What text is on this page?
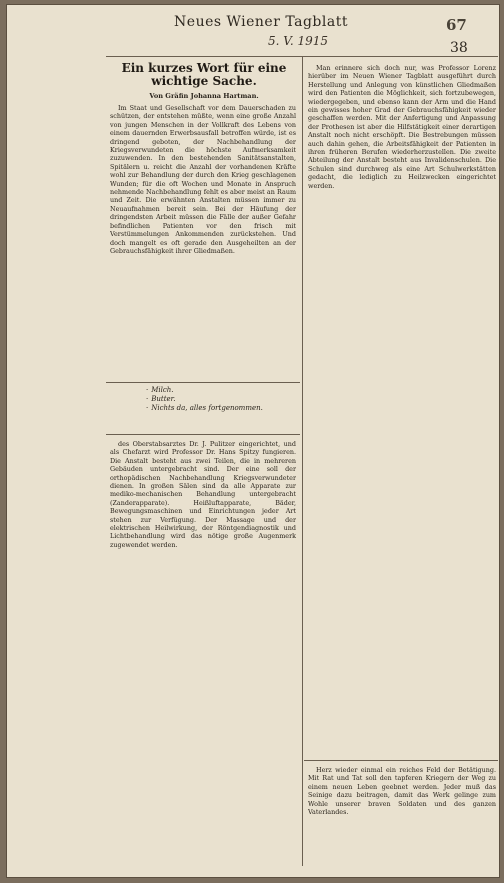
Neues Wiener Tagblatt
5. V. 1915
67
38
Ein kurzes Wort für eine wichtige Sache.
Von Gräfin Johanna Hartman.

Im Staat und Gesellschaft vor dem Dauerschaden zu schützen, der entstehen müßte, wenn eine große Anzahl von jungen Menschen in der Vollkraft des Lebens von einem dauernden Erwerbsausfall betroffen würde, ist es dringend geboten, der Nachbehandlung der Kriegsverwundeten die höchste Aufmerksamkeit zuzuwenden. In den bestehenden Sanitätsanstalten, Spitälern u. reicht die Anzahl der vorhandenen Kräfte wohl zur Behandlung der durch den Krieg geschlagenen Wunden; für die oft Wochen und Monate in Anspruch nehmende Nachbehandlung fehlt es aber meist an Raum und Zeit. Die erwähnten Anstalten müssen immer zu Neuaufnahmen bereit sein. Bei der Häufung der dringendsten Arbeit müssen die Fälle der außer Gefahr befindlichen Patienten vor den frisch mit Verstümmelungen Ankommenden zurückstehen. Und doch mangelt es oft gerade den Ausgeheilten an der Gebrauchsfähigkeit ihrer Gliedmaßen.

· Milch.
· Butter.
· Nichts da, alles fortgenommen.

des Oberstabsarztes Dr. J. Pulitzer eingerichtet, und als Chefarzt wird Professor Dr. Hans Spitzy fungieren. Die Anstalt besteht aus zwei Teilen, die in mehreren Gebäuden untergebracht sind. Der eine soll der orthopädischen Nachbehandlung Kriegsverwundeter dienen. In großen Sälen sind da alle Apparate zur mediko-mechanischen Behandlung untergebracht (Zanderapparate). Heißluftapparate, Bäder, Bewegungsmaschinen und Einrichtungen jeder Art stehen zur Verfügung. Der Massage und der elektrischen Heilwirkung, der Röntgendiagnostik und Lichtbehandlung wird das nötige große Augenmerk zugewendet werden.

Man erinnere sich doch nur, was Professor Lorenz hierüber im Neuen Wiener Tagblatt ausgeführt durch Herstellung und Anlegung von künstlichen Gliedmaßen wird den Patienten die Möglichkeit, sich fortzubewegen, wiedergegeben, und ebenso kann der Arm und die Hand ein gewisses hoher Grad der Gebrauchsfähigkeit wieder geschaffen werden. Mit der Anfertigung und Anpassung der Prothesen ist aber die Hilfstätigkeit einer derartigen Anstalt noch nicht erschöpft. Die Bestrebungen müssen auch dahin gehen, die Arbeitsfähigkeit der Patienten in ihren früheren Berufen wiederherzustellen. Die zweite Abteilung der Anstalt besteht aus Invalidenschulen. Die Schulen sind durchweg als eine Art Schulwerkstätten gedacht, die lediglich zu Heilzwecken eingerichtet werden.

Herz wieder einmal ein reiches Feld der Betätigung. Mit Rat und Tat soll den tapferen Kriegern der Weg zu einem neuen Leben geebnet werden. Jeder muß das Seinige dazu beitragen, damit das Werk gelinge zum Wohle unserer braven Soldaten und des ganzen Vaterlandes.
